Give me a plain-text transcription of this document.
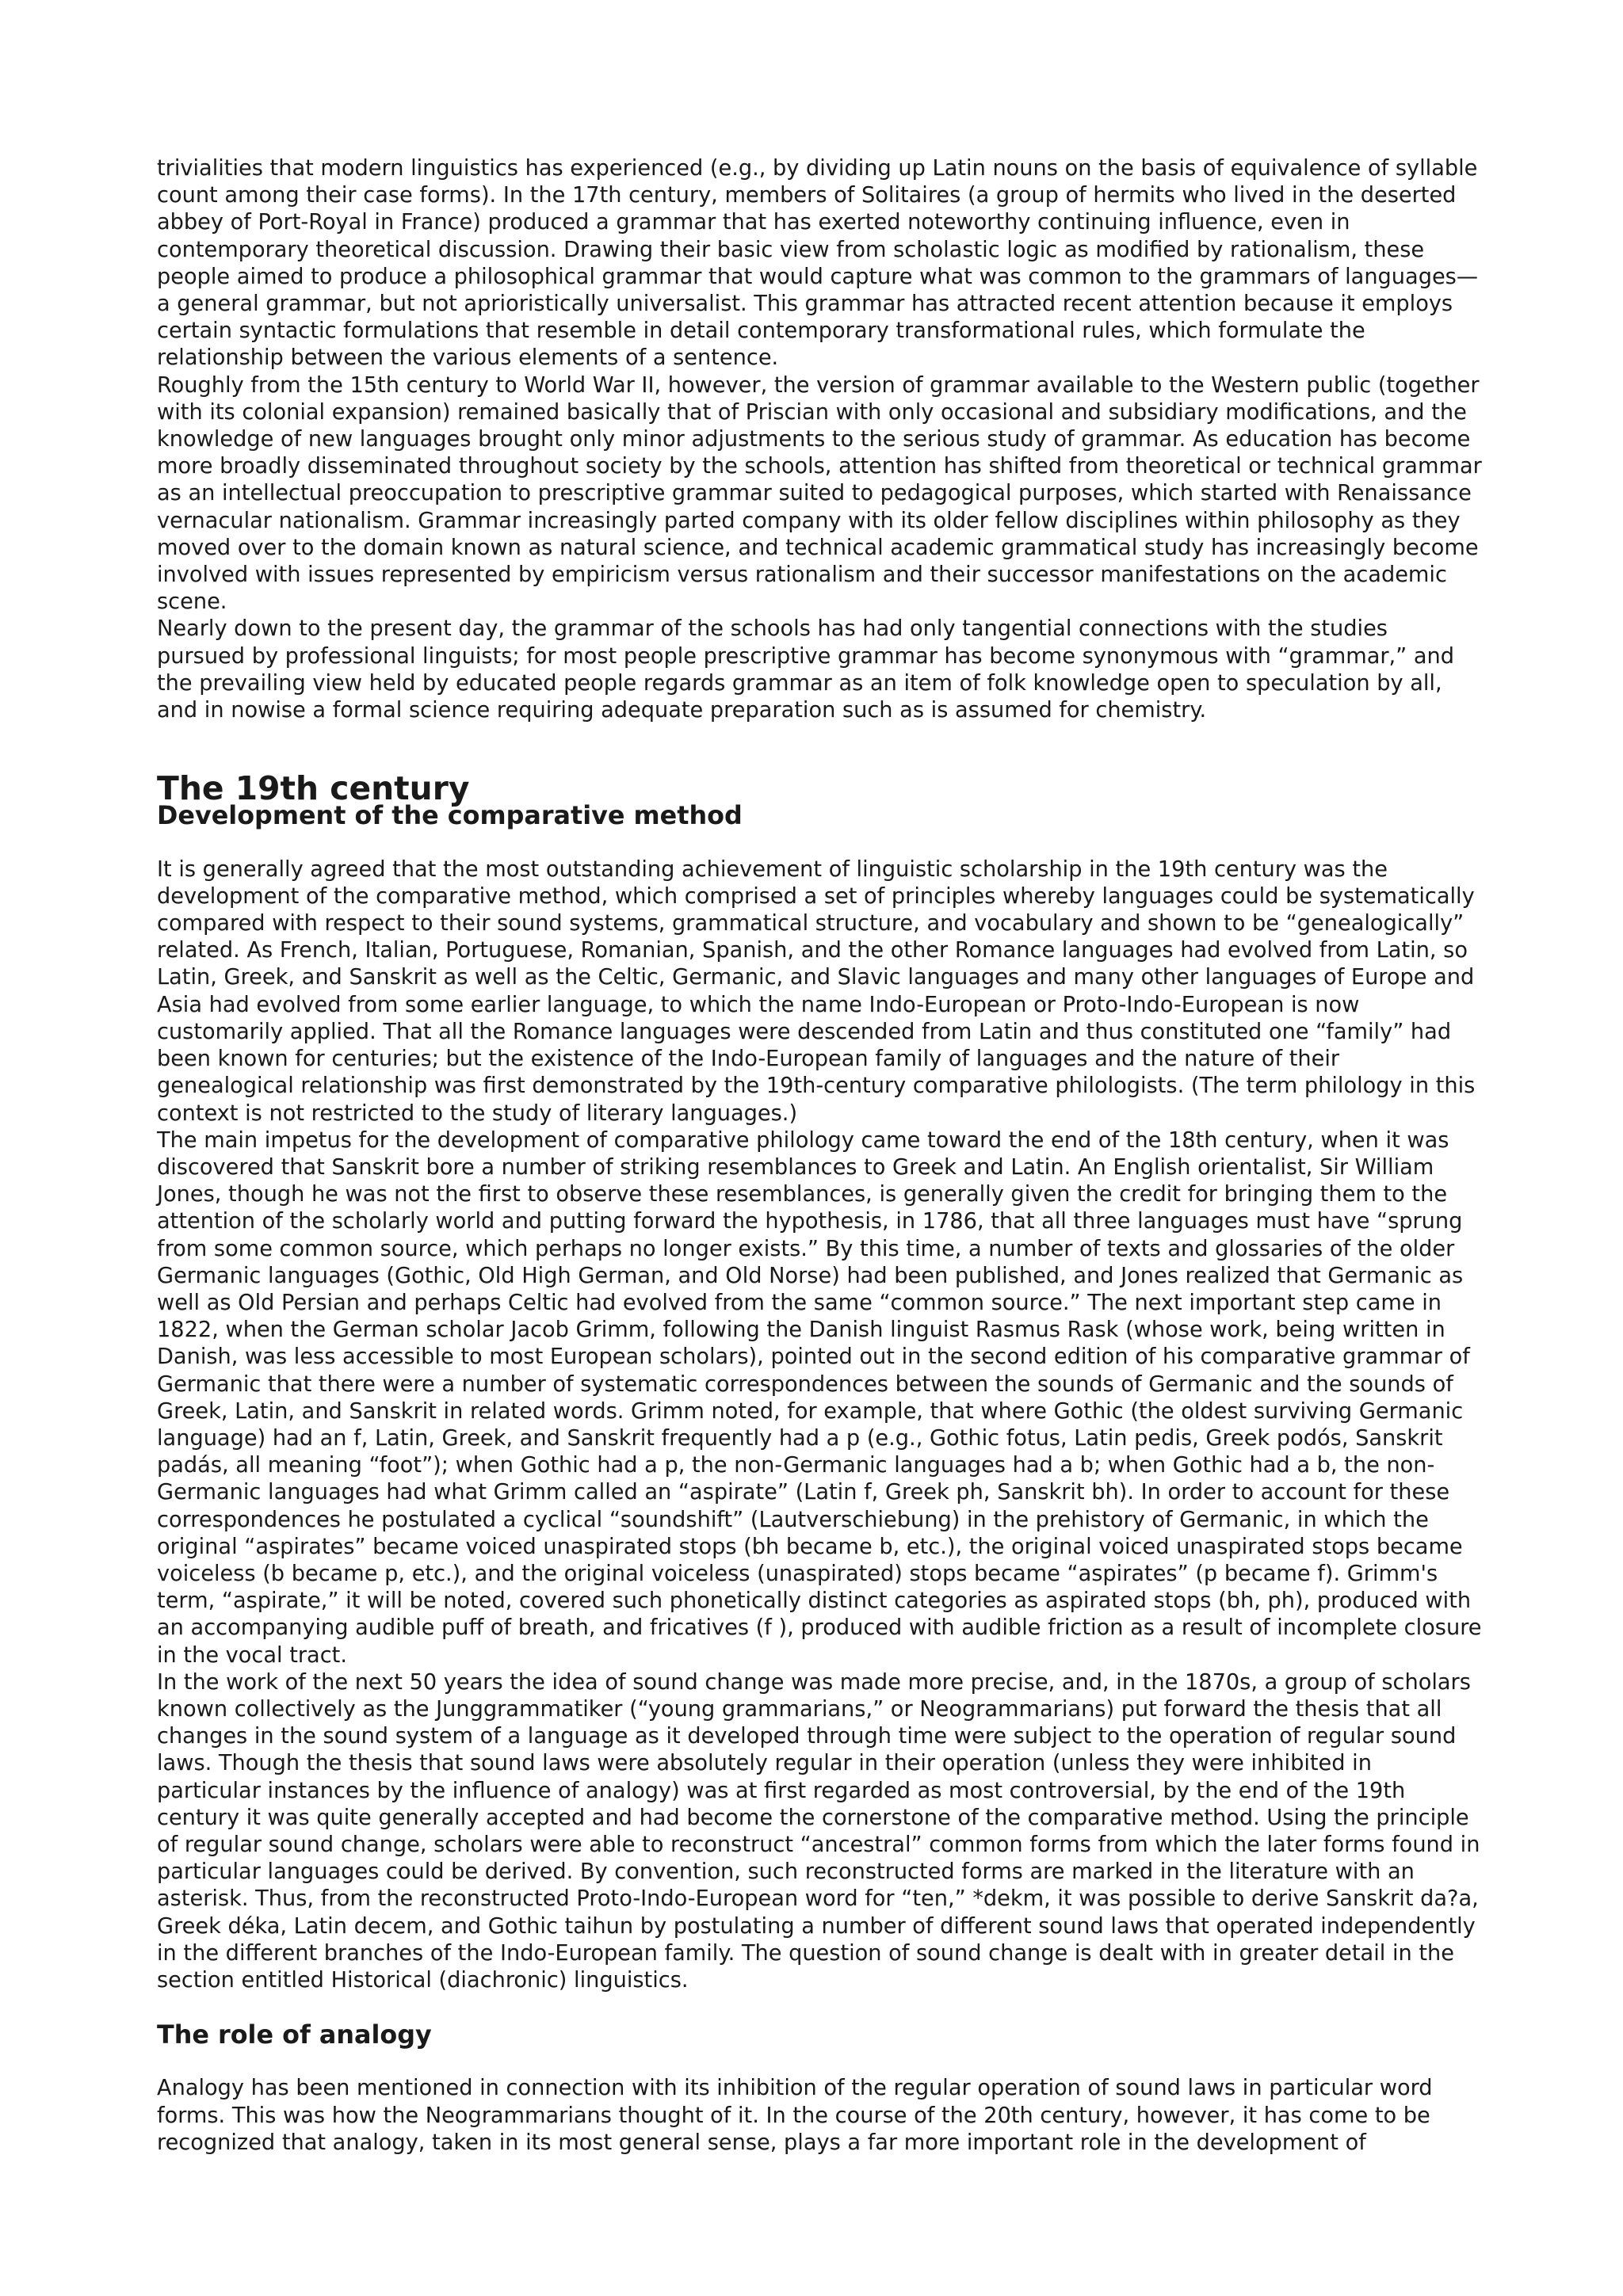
trivialities that modern linguistics has experienced (e.g., by dividing up Latin nouns on the basis of equivalence of syllable count among their case forms). In the 17th century, members of Solitaires (a group of hermits who lived in the deserted abbey of Port-Royal in France) produced a grammar that has exerted noteworthy continuing influence, even in contemporary theoretical discussion. Drawing their basic view from scholastic logic as modified by rationalism, these people aimed to produce a philosophical grammar that would capture what was common to the grammars of languages—a general grammar, but not aprioristically universalist. This grammar has attracted recent attention because it employs certain syntactic formulations that resemble in detail contemporary transformational rules, which formulate the relationship between the various elements of a sentence.

Roughly from the 15th century to World War II, however, the version of grammar available to the Western public (together with its colonial expansion) remained basically that of Priscian with only occasional and subsidiary modifications, and the knowledge of new languages brought only minor adjustments to the serious study of grammar. As education has become more broadly disseminated throughout society by the schools, attention has shifted from theoretical or technical grammar as an intellectual preoccupation to prescriptive grammar suited to pedagogical purposes, which started with Renaissance vernacular nationalism. Grammar increasingly parted company with its older fellow disciplines within philosophy as they moved over to the domain known as natural science, and technical academic grammatical study has increasingly become involved with issues represented by empiricism versus rationalism and their successor manifestations on the academic scene.

Nearly down to the present day, the grammar of the schools has had only tangential connections with the studies pursued by professional linguists; for most people prescriptive grammar has become synonymous with “grammar,” and the prevailing view held by educated people regards grammar as an item of folk knowledge open to speculation by all, and in nowise a formal science requiring adequate preparation such as is assumed for chemistry.

The 19th century
Development of the comparative method

It is generally agreed that the most outstanding achievement of linguistic scholarship in the 19th century was the development of the comparative method, which comprised a set of principles whereby languages could be systematically compared with respect to their sound systems, grammatical structure, and vocabulary and shown to be “genealogically” related. As French, Italian, Portuguese, Romanian, Spanish, and the other Romance languages had evolved from Latin, so Latin, Greek, and Sanskrit as well as the Celtic, Germanic, and Slavic languages and many other languages of Europe and Asia had evolved from some earlier language, to which the name Indo-European or Proto-Indo-European is now customarily applied. That all the Romance languages were descended from Latin and thus constituted one “family” had been known for centuries; but the existence of the Indo-European family of languages and the nature of their genealogical relationship was first demonstrated by the 19th-century comparative philologists. (The term philology in this context is not restricted to the study of literary languages.)

The main impetus for the development of comparative philology came toward the end of the 18th century, when it was discovered that Sanskrit bore a number of striking resemblances to Greek and Latin. An English orientalist, Sir William Jones, though he was not the first to observe these resemblances, is generally given the credit for bringing them to the attention of the scholarly world and putting forward the hypothesis, in 1786, that all three languages must have “sprung from some common source, which perhaps no longer exists.” By this time, a number of texts and glossaries of the older Germanic languages (Gothic, Old High German, and Old Norse) had been published, and Jones realized that Germanic as well as Old Persian and perhaps Celtic had evolved from the same “common source.” The next important step came in 1822, when the German scholar Jacob Grimm, following the Danish linguist Rasmus Rask (whose work, being written in Danish, was less accessible to most European scholars), pointed out in the second edition of his comparative grammar of Germanic that there were a number of systematic correspondences between the sounds of Germanic and the sounds of Greek, Latin, and Sanskrit in related words. Grimm noted, for example, that where Gothic (the oldest surviving Germanic language) had an f, Latin, Greek, and Sanskrit frequently had a p (e.g., Gothic fotus, Latin pedis, Greek podós, Sanskrit padás, all meaning “foot”); when Gothic had a p, the non-Germanic languages had a b; when Gothic had a b, the non-Germanic languages had what Grimm called an “aspirate” (Latin f, Greek ph, Sanskrit bh). In order to account for these correspondences he postulated a cyclical “soundshift” (Lautverschiebung) in the prehistory of Germanic, in which the original “aspirates” became voiced unaspirated stops (bh became b, etc.), the original voiced unaspirated stops became voiceless (b became p, etc.), and the original voiceless (unaspirated) stops became “aspirates” (p became f). Grimm's term, “aspirate,” it will be noted, covered such phonetically distinct categories as aspirated stops (bh, ph), produced with an accompanying audible puff of breath, and fricatives (f ), produced with audible friction as a result of incomplete closure in the vocal tract.

In the work of the next 50 years the idea of sound change was made more precise, and, in the 1870s, a group of scholars known collectively as the Junggrammatiker (“young grammarians,” or Neogrammarians) put forward the thesis that all changes in the sound system of a language as it developed through time were subject to the operation of regular sound laws. Though the thesis that sound laws were absolutely regular in their operation (unless they were inhibited in particular instances by the influence of analogy) was at first regarded as most controversial, by the end of the 19th century it was quite generally accepted and had become the cornerstone of the comparative method. Using the principle of regular sound change, scholars were able to reconstruct “ancestral” common forms from which the later forms found in particular languages could be derived. By convention, such reconstructed forms are marked in the literature with an asterisk. Thus, from the reconstructed Proto-Indo-European word for “ten,” *dekm, it was possible to derive Sanskrit da?a, Greek déka, Latin decem, and Gothic taihun by postulating a number of different sound laws that operated independently in the different branches of the Indo-European family. The question of sound change is dealt with in greater detail in the section entitled Historical (diachronic) linguistics.

The role of analogy

Analogy has been mentioned in connection with its inhibition of the regular operation of sound laws in particular word forms. This was how the Neogrammarians thought of it. In the course of the 20th century, however, it has come to be recognized that analogy, taken in its most general sense, plays a far more important role in the development of
